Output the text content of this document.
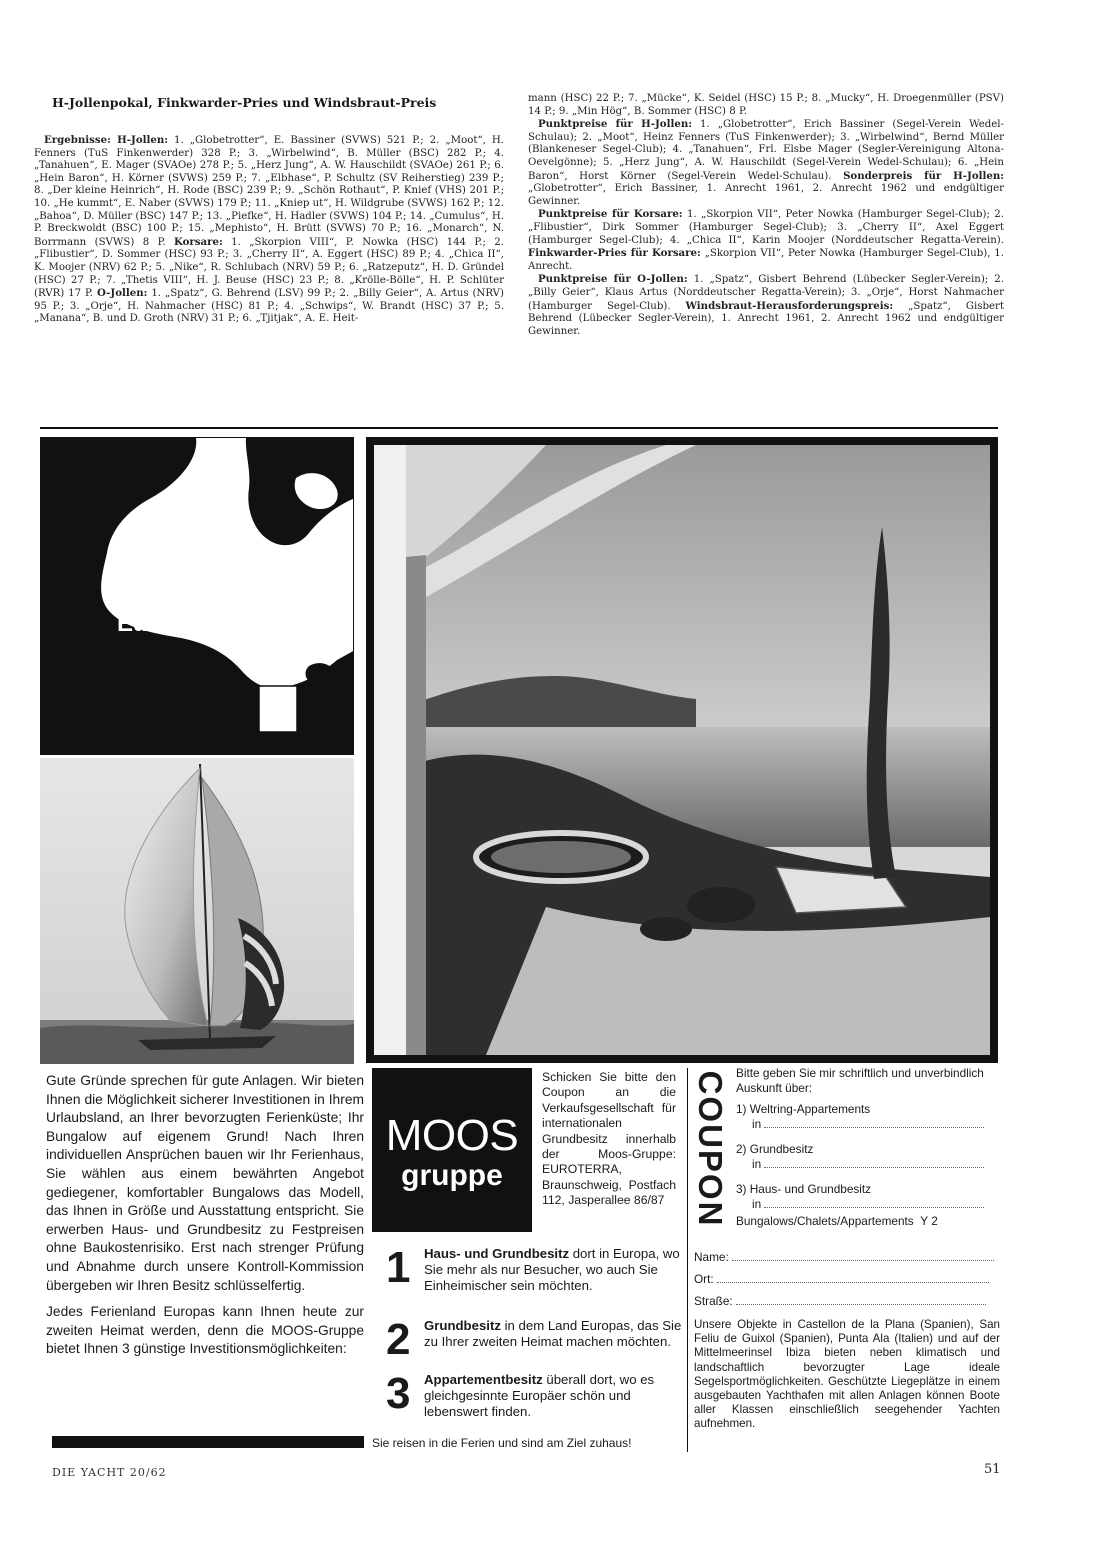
H-Jollenpokal, Finkwarder-Pries und Windsbraut-Preis

Ergebnisse: H-Jollen: 1. „Globetrotter“, E. Bassiner (SVWS) 521 P.; 2. „Moot“, H. Fenners (TuS Finkenwerder) 328 P.; 3. „Wirbelwind“, B. Müller (BSC) 282 P.; 4. „Tanahuen“, E. Mager (SVAOe) 278 P.; 5. „Herz Jung“, A. W. Hauschildt (SVAOe) 261 P.; 6. „Hein Baron“, H. Körner (SVWS) 259 P.; 7. „Elbhase“, P. Schultz (SV Reiherstieg) 239 P.; 8. „Der kleine Heinrich“, H. Rode (BSC) 239 P.; 9. „Schön Rothaut“, P. Knief (VHS) 201 P.; 10. „He kummt“, E. Naber (SVWS) 179 P.; 11. „Kniep ut“, H. Wildgrube (SVWS) 162 P.; 12. „Bahoa“, D. Müller (BSC) 147 P.; 13. „Piefke“, H. Hadler (SVWS) 104 P.; 14. „Cumulus“, H. P. Breckwoldt (BSC) 100 P.; 15. „Mephisto“, H. Brütt (SVWS) 70 P.; 16. „Monarch“, N. Borrmann (SVWS) 8 P. Korsare: 1. „Skorpion VIII“, P. Nowka (HSC) 144 P.; 2. „Flibustier“, D. Sommer (HSC) 93 P.; 3. „Cherry II“, A. Eggert (HSC) 89 P.; 4. „Chica II“, K. Moojer (NRV) 62 P.; 5. „Nike“, R. Schlubach (NRV) 59 P.; 6. „Ratzeputz“, H. D. Gründel (HSC) 27 P.; 7. „Thetis VIII“, H. J. Beuse (HSC) 23 P.; 8. „Krölle-Bölle“, H. P. Schlüter (RVR) 17 P. O-Jollen: 1. „Spatz“, G. Behrend (LSV) 99 P.; 2. „Billy Geier“, A. Artus (NRV) 95 P.; 3. „Orje“, H. Nahmacher (HSC) 81 P.; 4. „Schwips“, W. Brandt (HSC) 37 P.; 5. „Manana“, B. und D. Groth (NRV) 31 P.; 6. „Tjitjak“, A. E. Heit-

mann (HSC) 22 P.; 7. „Mücke“, K. Seidel (HSC) 15 P.; 8. „Mucky“, H. Droegenmüller (PSV) 14 P.; 9. „Min Hög“, B. Sommer (HSC) 8 P.

Punktpreise für H-Jollen: 1. „Globetrotter“, Erich Bassiner (Segel-Verein Wedel-Schulau); 2. „Moot“, Heinz Fenners (TuS Finkenwerder); 3. „Wirbelwind“, Bernd Müller (Blankeneser Segel-Club); 4. „Tanahuen“, Frl. Elsbe Mager (Segler-Vereinigung Altona-Oevelgönne); 5. „Herz Jung“, A. W. Hauschildt (Segel-Verein Wedel-Schulau); 6. „Hein Baron“, Horst Körner (Segel-Verein Wedel-Schulau). Sonderpreis für H-Jollen: „Globetrotter“, Erich Bassiner, 1. Anrecht 1961, 2. Anrecht 1962 und endgültiger Gewinner.

Punktpreise für Korsare: 1. „Skorpion VII“, Peter Nowka (Hamburger Segel-Club); 2. „Flibustier“, Dirk Sommer (Hamburger Segel-Club); 3. „Cherry II“, Axel Eggert (Hamburger Segel-Club); 4. „Chica II“, Karin Moojer (Norddeutscher Regatta-Verein). Finkwarder-Pries für Korsare: „Skorpion VII“, Peter Nowka (Hamburger Segel-Club), 1. Anrecht.

Punktpreise für O-Jollen: 1. „Spatz“, Gisbert Behrend (Lübecker Segler-Verein); 2. „Billy Geier“, Klaus Artus (Norddeutscher Regatta-Verein); 3. „Orje“, Horst Nahmacher (Hamburger Segel-Club). Windsbraut-Herausforderungspreis: „Spatz“, Gisbert Behrend (Lübecker Segler-Verein), 1. Anrecht 1961, 2. Anrecht 1962 und endgültiger Gewinner.

Investieren
Sie in
Europa!

Gute Gründe sprechen für gute Anlagen. Wir bieten Ihnen die Möglichkeit sicherer Investitionen in Ihrem Urlaubsland, an Ihrer bevorzugten Ferienküste; Ihr Bungalow auf eigenem Grund! Nach Ihren individuellen Ansprüchen bauen wir Ihr Ferienhaus, Sie wählen aus einem bewährten Angebot gediegener, komfortabler Bungalows das Modell, das Ihnen in Größe und Ausstattung entspricht. Sie erwerben Haus- und Grundbesitz zu Festpreisen ohne Baukostenrisiko. Erst nach strenger Prüfung und Abnahme durch unsere Kontroll-Kommission übergeben wir Ihren Besitz schlüsselfertig.

Jedes Ferienland Europas kann Ihnen heute zur zweiten Heimat werden, denn die MOOS-Gruppe bietet Ihnen 3 günstige Investitionsmöglichkeiten:

MOOS
gruppe
Schicken Sie bitte den Coupon an die Verkaufsgesellschaft für internationalen Grundbesitz innerhalb der Moos-Gruppe: EUROTERRA, Braunschweig, Postfach 112, Jasperallee 86/87
1 Haus- und Grundbesitz dort in Europa, wo Sie mehr als nur Besucher, wo auch Sie Einheimischer sein möchten.
2 Grundbesitz in dem Land Europas, das Sie zu Ihrer zweiten Heimat machen möchten.
3 Appartementbesitz überall dort, wo es gleichgesinnte Europäer schön und lebenswert finden.
Sie reisen in die Ferien und sind am Ziel zuhaus!
COUPON Bitte geben Sie mir schriftlich und unverbindlich Auskunft über:
1) Weltring-Appartements
in
2) Grundbesitz
in
3) Haus- und Grundbesitz
in
Bungalows/Chalets/Appartements Y 2
Name:
Ort:
Straße:
Unsere Objekte in Castellon de la Plana (Spanien), San Feliu de Guixol (Spanien), Punta Ala (Italien) und auf der Mittelmeerinsel Ibiza bieten neben klimatisch und landschaftlich bevorzugter Lage ideale Segelsportmöglichkeiten. Geschützte Liegeplätze in einem ausgebauten Yachthafen mit allen Anlagen können Boote aller Klassen einschließlich seegehender Yachten aufnehmen.
DIE YACHT 20/62	51
